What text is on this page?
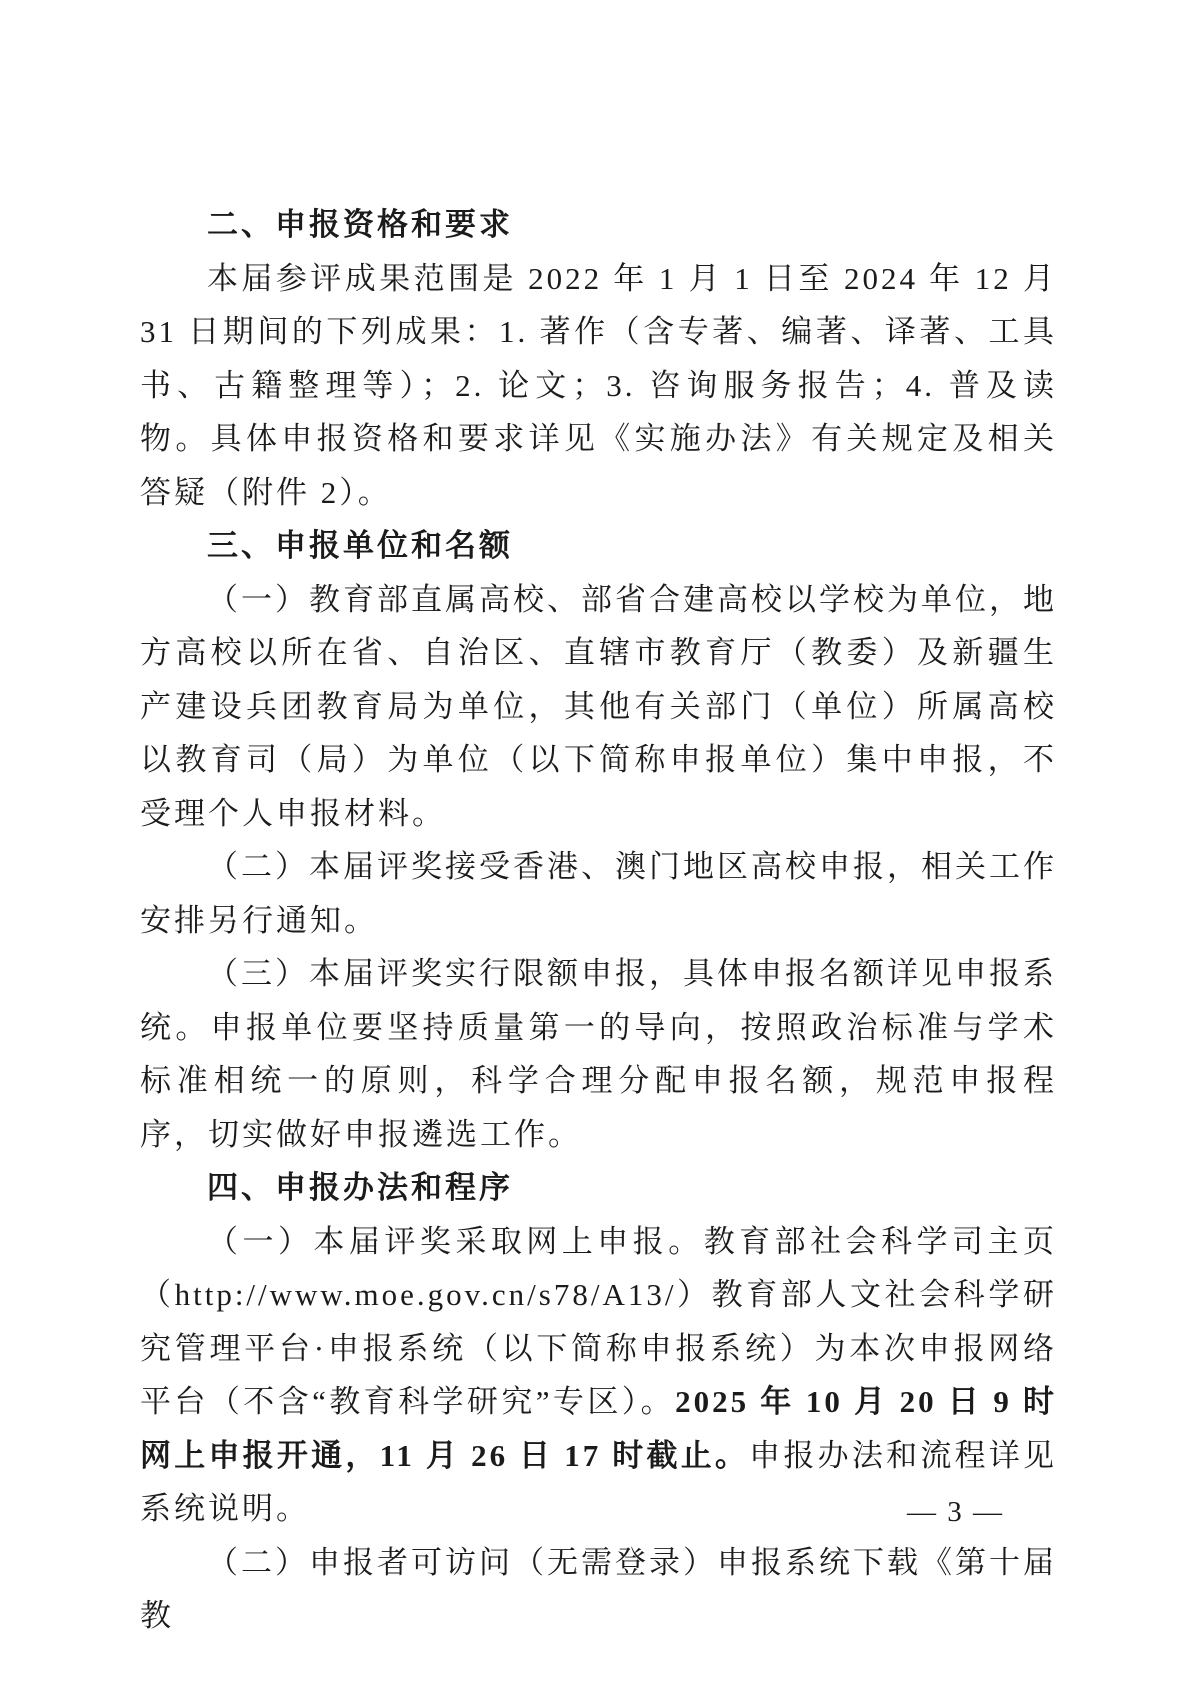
二、申报资格和要求

本届参评成果范围是 2022 年 1 月 1 日至 2024 年 12 月 31 日期间的下列成果：1. 著作（含专著、编著、译著、工具书、古籍整理等）；2. 论文；3. 咨询服务报告；4. 普及读物。具体申报资格和要求详见《实施办法》有关规定及相关答疑（附件 2）。

三、申报单位和名额

（一）教育部直属高校、部省合建高校以学校为单位，地方高校以所在省、自治区、直辖市教育厅（教委）及新疆生产建设兵团教育局为单位，其他有关部门（单位）所属高校以教育司（局）为单位（以下简称申报单位）集中申报，不受理个人申报材料。

（二）本届评奖接受香港、澳门地区高校申报，相关工作安排另行通知。

（三）本届评奖实行限额申报，具体申报名额详见申报系统。申报单位要坚持质量第一的导向，按照政治标准与学术标准相统一的原则，科学合理分配申报名额，规范申报程序，切实做好申报遴选工作。

四、申报办法和程序

（一）本届评奖采取网上申报。教育部社会科学司主页（http://www.moe.gov.cn/s78/A13/）教育部人文社会科学研究管理平台·申报系统（以下简称申报系统）为本次申报网络平台（不含“教育科学研究”专区）。2025 年 10 月 20 日 9 时网上申报开通，11 月 26 日 17 时截止。申报办法和流程详见系统说明。

（二）申报者可访问（无需登录）申报系统下载《第十届教

— 3 —
